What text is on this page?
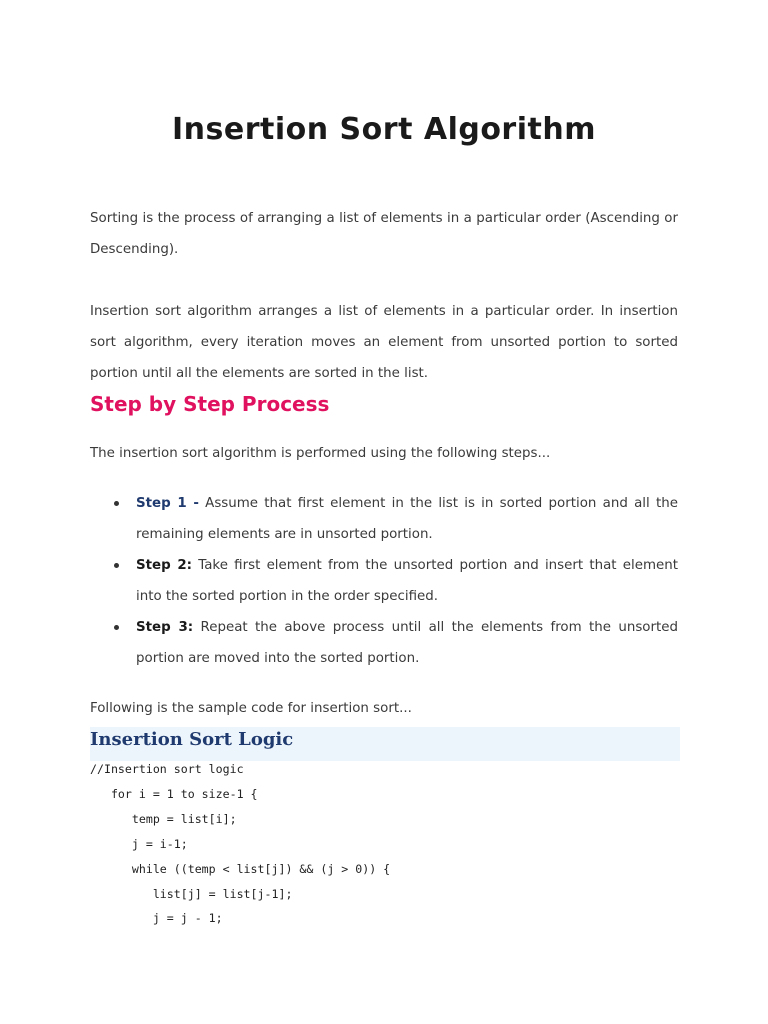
Insertion Sort Algorithm

Sorting is the process of arranging a list of elements in a particular order (Ascending or Descending).

Insertion sort algorithm arranges a list of elements in a particular order. In insertion sort algorithm, every iteration moves an element from unsorted portion to sorted portion until all the elements are sorted in the list.

Step by Step Process

The insertion sort algorithm is performed using the following steps...

Step 1 - Assume that first element in the list is in sorted portion and all the remaining elements are in unsorted portion.
Step 2: Take first element from the unsorted portion and insert that element into the sorted portion in the order specified.
Step 3: Repeat the above process until all the elements from the unsorted portion are moved into the sorted portion.

Following is the sample code for insertion sort...

Insertion Sort Logic
//Insertion sort logic
for i = 1 to size-1 {
temp = list[i];
j = i-1;
while ((temp < list[j]) && (j > 0)) {
list[j] = list[j-1];
j = j - 1;
